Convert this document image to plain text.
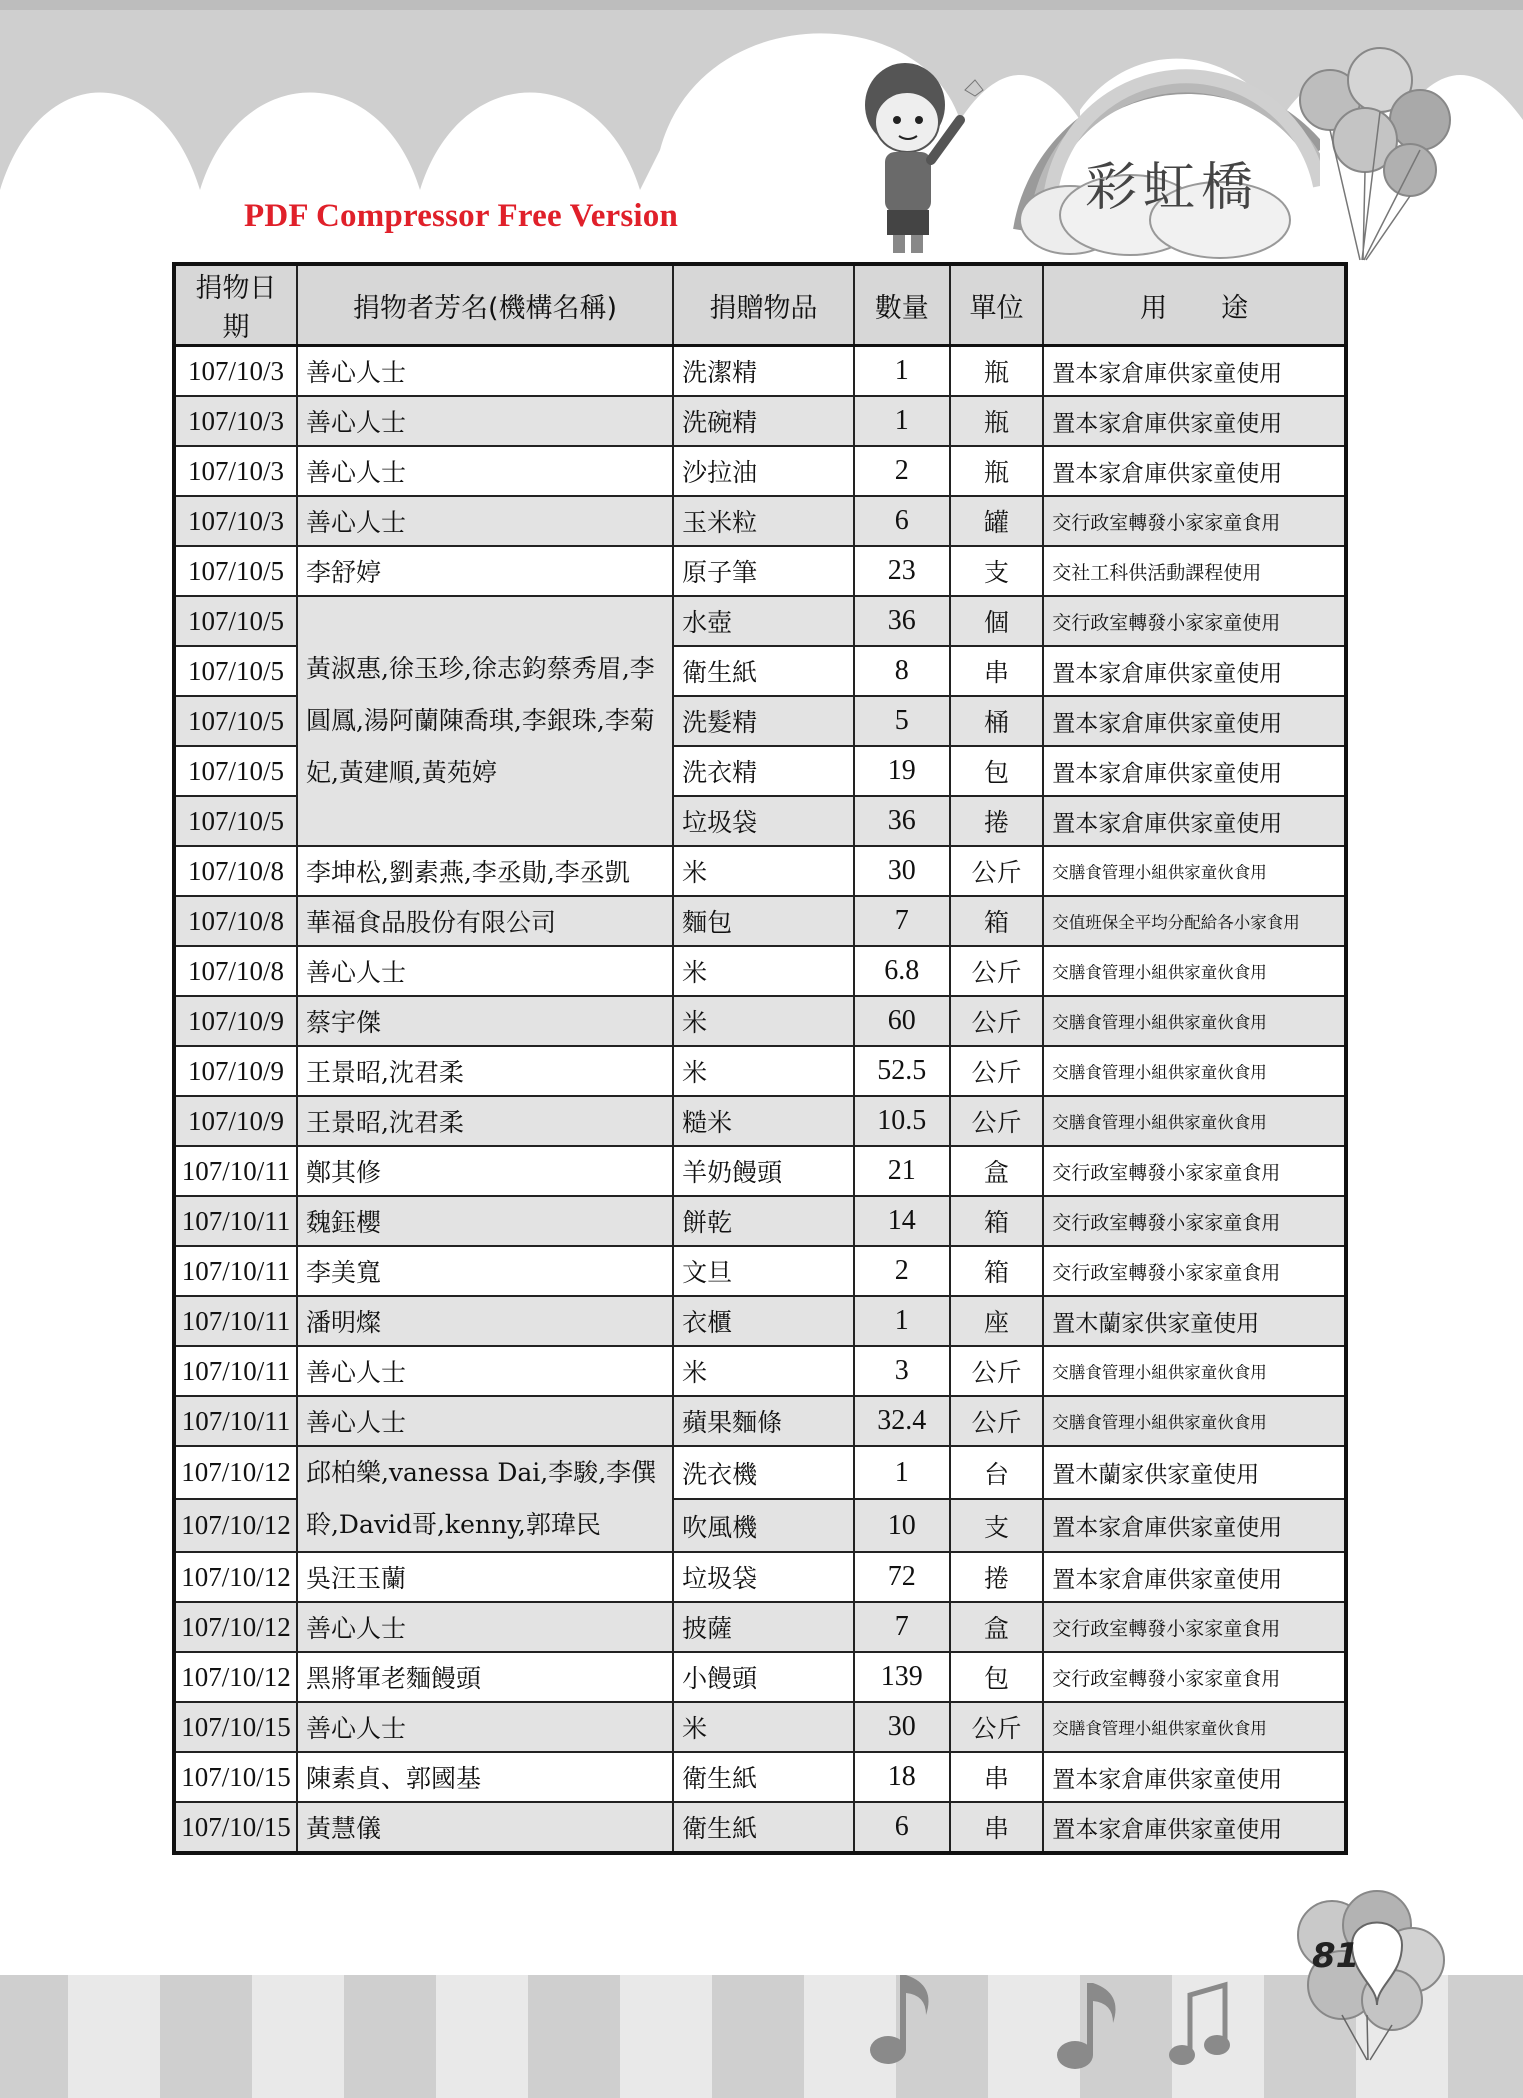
彩虹橋
PDF Compressor Free Version
捐物日期	捐物者芳名(機構名稱)	捐贈物品	數量	單位	用　　途
107/10/3	善心人士	洗潔精	1	瓶	置本家倉庫供家童使用
107/10/3	善心人士	洗碗精	1	瓶	置本家倉庫供家童使用
107/10/3	善心人士	沙拉油	2	瓶	置本家倉庫供家童使用
107/10/3	善心人士	玉米粒	6	罐	交行政室轉發小家家童食用
107/10/5	李舒婷	原子筆	23	支	交社工科供活動課程使用
107/10/5	黃淑惠,徐玉珍,徐志鈞蔡秀眉,李圓鳳,湯阿蘭陳喬琪,李銀珠,李菊妃,黃建順,黃苑婷	水壺	36	個	交行政室轉發小家家童使用
107/10/5		衛生紙	8	串	置本家倉庫供家童使用
107/10/5		洗髮精	5	桶	置本家倉庫供家童使用
107/10/5		洗衣精	19	包	置本家倉庫供家童使用
107/10/5		垃圾袋	36	捲	置本家倉庫供家童使用
107/10/8	李坤松,劉素燕,李丞勛,李丞凱	米	30	公斤	交膳食管理小組供家童伙食用
107/10/8	華福食品股份有限公司	麵包	7	箱	交值班保全平均分配給各小家食用
107/10/8	善心人士	米	6.8	公斤	交膳食管理小組供家童伙食用
107/10/9	蔡宇傑	米	60	公斤	交膳食管理小組供家童伙食用
107/10/9	王景昭,沈君柔	米	52.5	公斤	交膳食管理小組供家童伙食用
107/10/9	王景昭,沈君柔	糙米	10.5	公斤	交膳食管理小組供家童伙食用
107/10/11	鄭其修	羊奶饅頭	21	盒	交行政室轉發小家家童食用
107/10/11	魏鈺櫻	餅乾	14	箱	交行政室轉發小家家童食用
107/10/11	李美寬	文旦	2	箱	交行政室轉發小家家童食用
107/10/11	潘明燦	衣櫃	1	座	置木蘭家供家童使用
107/10/11	善心人士	米	3	公斤	交膳食管理小組供家童伙食用
107/10/11	善心人士	蘋果麵條	32.4	公斤	交膳食管理小組供家童伙食用
107/10/12	邱柏樂,vanessa Dai,李駿,李僎聆,David哥,kenny,郭瑋民	洗衣機	1	台	置木蘭家供家童使用
107/10/12		吹風機	10	支	置本家倉庫供家童使用
107/10/12	吳汪玉蘭	垃圾袋	72	捲	置本家倉庫供家童使用
107/10/12	善心人士	披薩	7	盒	交行政室轉發小家家童食用
107/10/12	黑將軍老麵饅頭	小饅頭	139	包	交行政室轉發小家家童食用
107/10/15	善心人士	米	30	公斤	交膳食管理小組供家童伙食用
107/10/15	陳素貞、郭國基	衛生紙	18	串	置本家倉庫供家童使用
107/10/15	黃慧儀	衛生紙	6	串	置本家倉庫供家童使用
81
